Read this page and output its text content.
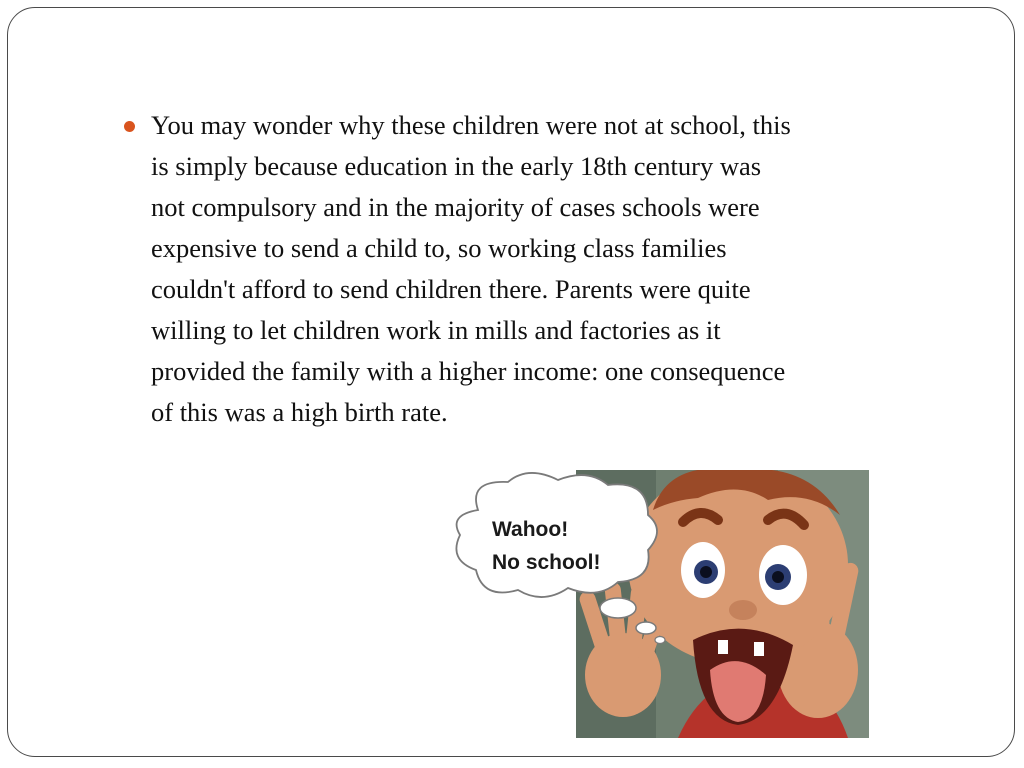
You may wonder why these children were not at school, this is simply because education in the early 18th century was not compulsory and in the majority of cases schools were expensive to send a child to, so working class families couldn't afford to send children there. Parents were quite willing to let children work in mills and factories as it provided the family with a higher income: one consequence of this was a high birth rate.

Wahoo!
No school!
